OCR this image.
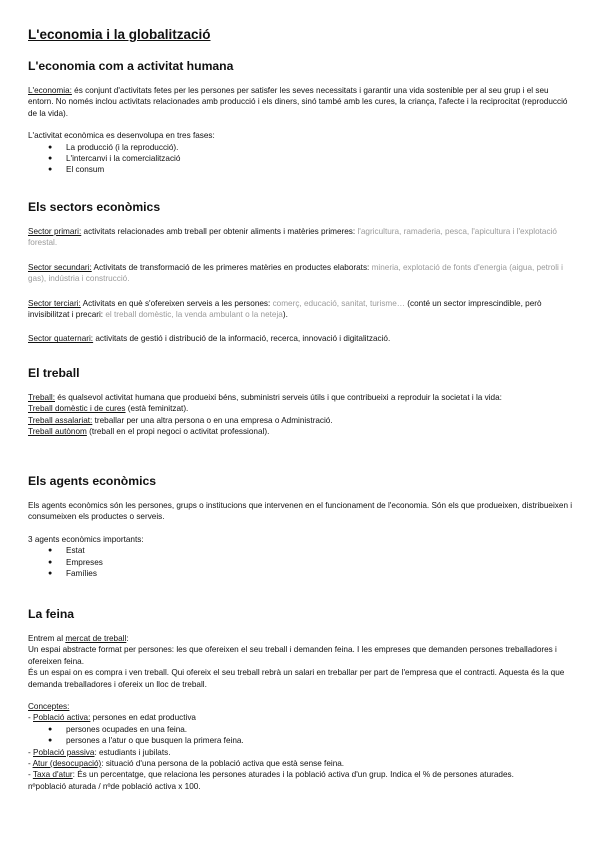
L'economia i la globalització
L'economia com a activitat humana

L'economia: és conjunt d'activitats fetes per les persones per satisfer les seves necessitats i garantir una vida sostenible per al seu grup i el seu entorn. No només inclou activitats relacionades amb producció i els diners, sinó també amb les cures, la criança, l'afecte i la reciprocitat (reproducció de la vida).

L'activitat econòmica es desenvolupa en tres fases:

● La producció (i la reproducció).
● L'intercanvi i la comercialització
● El consum
Els sectors econòmics

Sector primari: activitats relacionades amb treball per obtenir aliments i matèries primeres: l'agricultura, ramaderia, pesca, l'apicultura i l'explotació forestal.

Sector secundari: Activitats de transformació de les primeres matèries en productes elaborats: mineria, explotació de fonts d'energia (aigua, petroli i gas), indústria i construcció.

Sector terciari: Activitats en què s'ofereixen serveis a les persones: comerç, educació, sanitat, turisme… (conté un sector imprescindible, però invisibilitzat i precari: el treball domèstic, la venda ambulant o la neteja).

Sector quaternari: activitats de gestió i distribució de la informació, recerca, innovació i digitalització.

El treball

Treball: és qualsevol activitat humana que produeixi béns, subministri serveis útils i que contribueixi a reproduir la societat i la vida:

Treball domèstic i de cures (està feminitzat).

Treball assalariat: treballar per una altra persona o en una empresa o Administració.

Treball autònom (treball en el propi negoci o activitat professional).

Els agents econòmics

Els agents econòmics són les persones, grups o institucions que intervenen en el funcionament de l'economia. Són els que produeixen, distribueixen i consumeixen els productes o serveis.

3 agents econòmics importants:

● Estat
● Empreses
● Famílies
La feina

Entrem al mercat de treball:

Un espai abstracte format per persones: les que ofereixen el seu treball i demanden feina. I les empreses que demanden persones treballadores i ofereixen feina.

És un espai on es compra i ven treball. Qui ofereix el seu treball rebrà un salari en treballar per part de l'empresa que el contracti. Aquesta és la que demanda treballadores i ofereix un lloc de treball.

Conceptes:

- Població activa: persones en edat productiva

● persones ocupades en una feina.
● persones a l'atur o que busquen la primera feina.

- Població passiva: estudiants i jubilats.

- Atur (desocupació): situació d'una persona de la població activa que està sense feina.

- Taxa d'atur: És un percentatge, que relaciona les persones aturades i la població activa d'un grup. Indica el % de persones aturades.

nºpoblació aturada / nºde població activa x 100.
